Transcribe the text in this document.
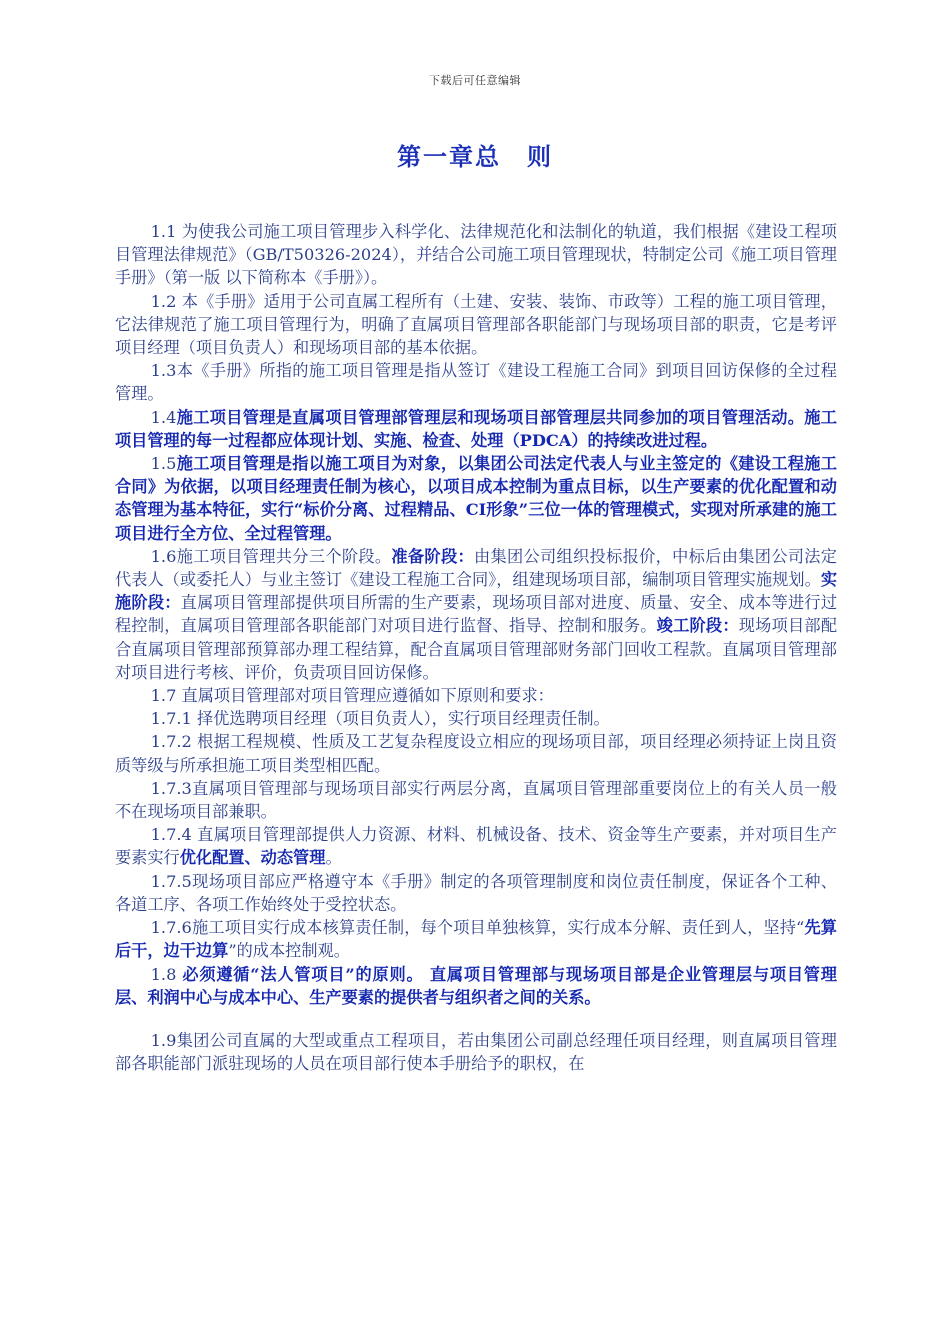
下载后可任意编辑
第一章总　则

1.1 为使我公司施工项目管理步入科学化、法律规范化和法制化的轨道，我们根据《建设工程项目管理法律规范》（GB/T50326-2024），并结合公司施工项目管理现状，特制定公司《施工项目管理手册》（第一版 以下简称本《手册》）。

1.2 本《手册》适用于公司直属工程所有（土建、安装、装饰、市政等）工程的施工项目管理，它法律规范了施工项目管理行为，明确了直属项目管理部各职能部门与现场项目部的职责，它是考评项目经理（项目负责人）和现场项目部的基本依据。

1.3本《手册》所指的施工项目管理是指从签订《建设工程施工合同》到项目回访保修的全过程管理。

1.4施工项目管理是直属项目管理部管理层和现场项目部管理层共同参加的项目管理活动。施工项目管理的每一过程都应体现计划、实施、检查、处理（PDCA）的持续改进过程。

1.5施工项目管理是指以施工项目为对象，以集团公司法定代表人与业主签定的《建设工程施工合同》为依据，以项目经理责任制为核心，以项目成本控制为重点目标，以生产要素的优化配置和动态管理为基本特征，实行“标价分离、过程精品、CI形象”三位一体的管理模式，实现对所承建的施工项目进行全方位、全过程管理。

1.6施工项目管理共分三个阶段。准备阶段：由集团公司组织投标报价，中标后由集团公司法定代表人（或委托人）与业主签订《建设工程施工合同》，组建现场项目部，编制项目管理实施规划。实施阶段：直属项目管理部提供项目所需的生产要素，现场项目部对进度、质量、安全、成本等进行过程控制，直属项目管理部各职能部门对项目进行监督、指导、控制和服务。竣工阶段：现场项目部配合直属项目管理部预算部办理工程结算，配合直属项目管理部财务部门回收工程款。直属项目管理部对项目进行考核、评价，负责项目回访保修。

1.7 直属项目管理部对项目管理应遵循如下原则和要求：

1.7.1 择优选聘项目经理（项目负责人），实行项目经理责任制。

1.7.2 根据工程规模、性质及工艺复杂程度设立相应的现场项目部，项目经理必须持证上岗且资质等级与所承担施工项目类型相匹配。

1.7.3直属项目管理部与现场项目部实行两层分离，直属项目管理部重要岗位上的有关人员一般不在现场项目部兼职。

1.7.4 直属项目管理部提供人力资源、材料、机械设备、技术、资金等生产要素，并对项目生产要素实行优化配置、动态管理。

1.7.5现场项目部应严格遵守本《手册》制定的各项管理制度和岗位责任制度，保证各个工种、各道工序、各项工作始终处于受控状态。

1.7.6施工项目实行成本核算责任制，每个项目单独核算，实行成本分解、责任到人，坚持“先算后干，边干边算”的成本控制观。

1.8 必须遵循“法人管项目”的原则。 直属项目管理部与现场项目部是企业管理层与项目管理层、利润中心与成本中心、生产要素的提供者与组织者之间的关系。

1.9集团公司直属的大型或重点工程项目，若由集团公司副总经理任项目经理，则直属项目管理部各职能部门派驻现场的人员在项目部行使本手册给予的职权，在
